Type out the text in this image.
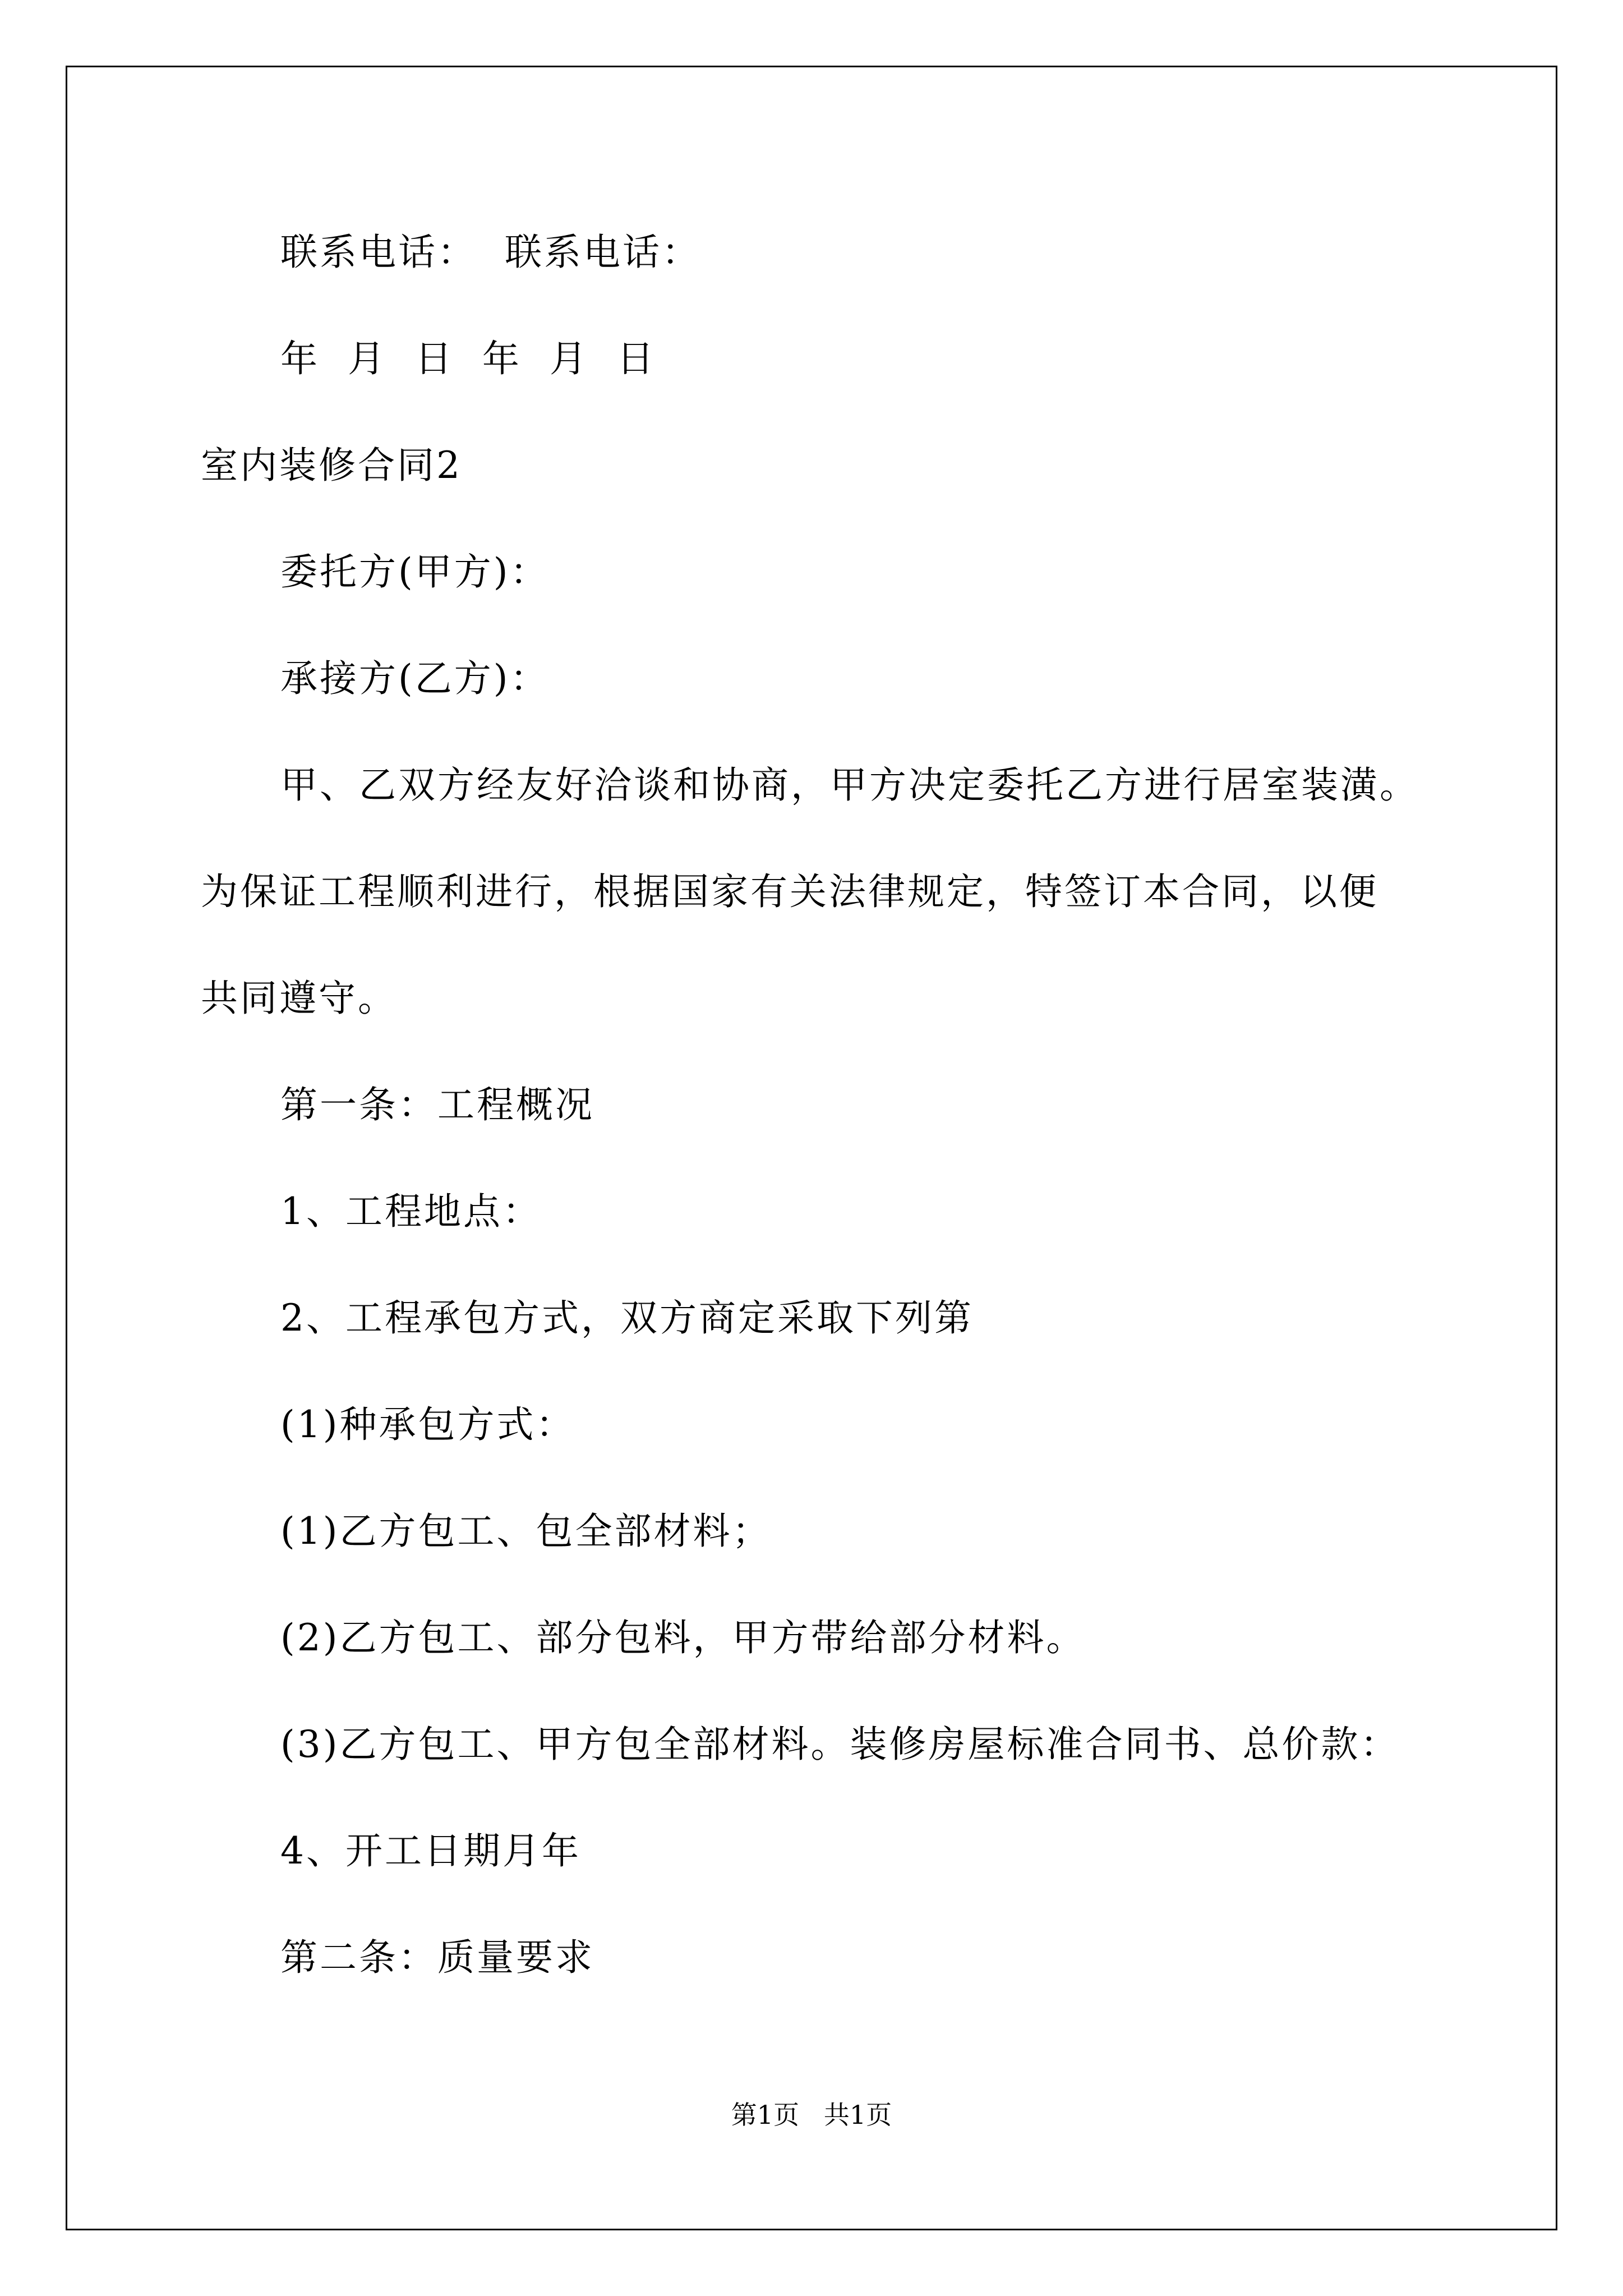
联系电话：  联系电话：
年  月  日  年  月  日
室内装修合同2
委托方(甲方)：
承接方(乙方)：
甲、乙双方经友好洽谈和协商，甲方决定委托乙方进行居室装潢。
为保证工程顺利进行，根据国家有关法律规定，特签订本合同，以便
共同遵守。
第一条：工程概况
1、工程地点：
2、工程承包方式，双方商定采取下列第
(1)种承包方式：
(1)乙方包工、包全部材料；
(2)乙方包工、部分包料，甲方带给部分材料。
(3)乙方包工、甲方包全部材料。装修房屋标准合同书、总价款：
4、开工日期月年
第二条：质量要求
第1页   共1页
